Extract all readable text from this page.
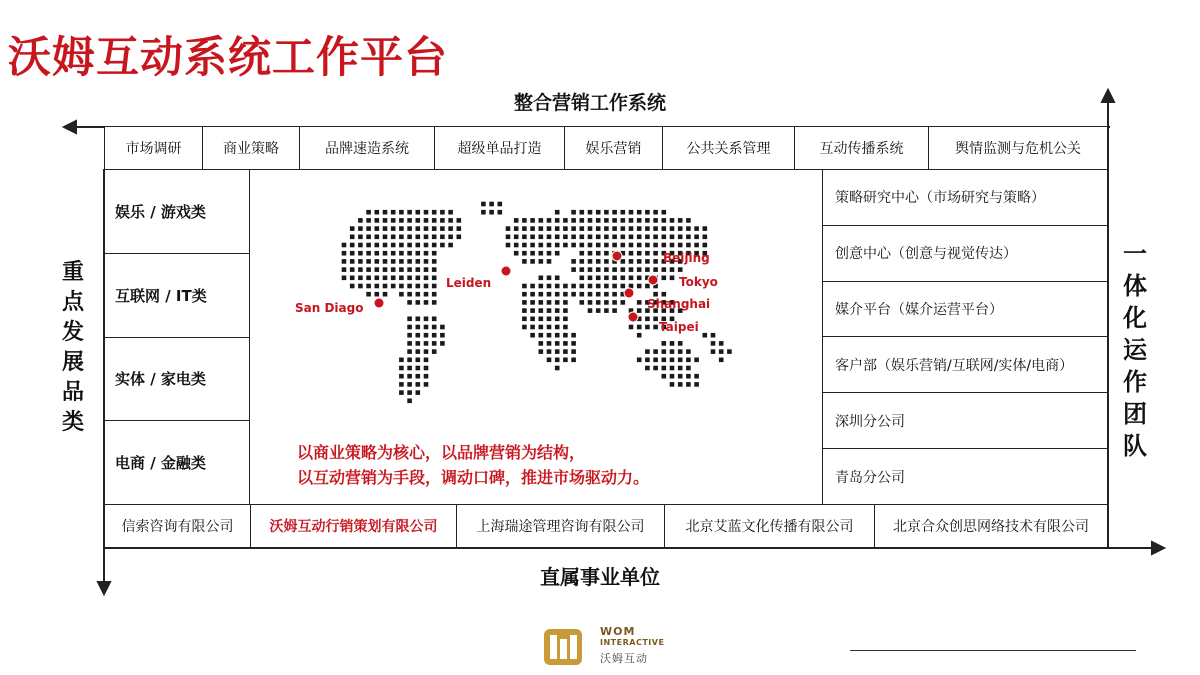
沃姆互动系统工作平台
整合营销工作系统
直属事业单位
重
点
发
展
品
类
一
体
化
运
作
团
队
市场调研	商业策略	品牌速造系统	超级单品打造	娱乐营销	公共关系管理	互动传播系统	舆情监测与危机公关
娱乐 / 游戏类
互联网 / IT类
实体 / 家电类
电商 / 金融类
San Diago
Leiden
Beijing
Tokyo
Shanghai
Taipei
以商业策略为核心，以品牌营销为结构，
以互动营销为手段，调动口碑，推进市场驱动力。
策略研究中心（市场研究与策略）
创意中心（创意与视觉传达）
媒介平台（媒介运营平台）
客户部（娱乐营销/互联网/实体/电商）
深圳分公司
青岛分公司
信索咨询有限公司	沃姆互动行销策划有限公司	上海瑞途管理咨询有限公司	北京艾蓝文化传播有限公司	北京合众创思网络技术有限公司
WOM
INTERACTIVE
沃姆互动
